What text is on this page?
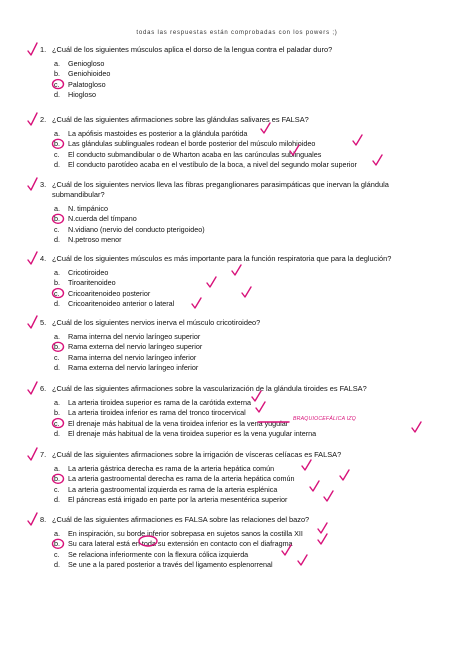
todas las respuestas están comprobadas con los powers ;)
1. ¿Cuál de los siguientes músculos aplica el dorso de la lengua contra el paladar duro?
a. Geniogloso
b. Geniohioideo
c. Palatogloso
d. Hiogloso
2. ¿Cuál de las siguientes afirmaciones sobre las glándulas salivares es FALSA?
a. La apófisis mastoides es posterior a la glándula parótida
b. Las glándulas sublinguales rodean el borde posterior del músculo milohioideo
c. El conducto submandibular o de Wharton acaba en las carúnculas sublinguales
d. El conducto parotídeo acaba en el vestíbulo de la boca, a nivel del segundo molar superior
3. ¿Cuál de los siguientes nervios lleva las fibras preganglionares parasimpáticas que inervan la glándula
submandibular?
a. N. timpánico
b. N.cuerda del tímpano
c. N.vidiano (nervio del conducto pterigoideo)
d. N.petroso menor
4. ¿Cuál de los siguientes músculos es más importante para la función respiratoria que para la deglución?
a. Cricotiroideo
b. Tiroaritenoideo
c. Cricoaritenoideo posterior
d. Cricoaritenoideo anterior o lateral
5. ¿Cuál de los siguientes nervios inerva el músculo cricotiroideo?
a. Rama interna del nervio laríngeo superior
b. Rama externa del nervio laríngeo superior
c. Rama interna del nervio laríngeo inferior
d. Rama externa del nervio laríngeo inferior
6. ¿Cuál de las siguientes afirmaciones sobre la vascularización de la glándula tiroides es FALSA?
a. La arteria tiroidea superior es rama de la carótida externa
b. La arteria tiroidea inferior es rama del tronco tirocervical
c. El drenaje más habitual de la vena tiroidea inferior es la vena yugular
d. El drenaje más habitual de la vena tiroidea superior es la vena yugular interna
7. ¿Cuál de las siguientes afirmaciones sobre la irrigación de vísceras celíacas es FALSA?
a. La arteria gástrica derecha es rama de la arteria hepática común
b. La arteria gastroomental derecha es rama de la arteria hepática común
c. La arteria gastroomental izquierda es rama de la arteria esplénica
d. El páncreas está irrigado en parte por la arteria mesentérica superior
8. ¿Cuál de las siguientes afirmaciones es FALSA sobre las relaciones del bazo?
a. En inspiración, su borde inferior sobrepasa en sujetos sanos la costilla XII
b. Su cara lateral está en toda su extensión en contacto con el diafragma
c. Se relaciona inferiormente con la flexura cólica izquierda
d. Se une a la pared posterior a través del ligamento esplenorrenal
BRAQUIOCEFÁLICA IZQ
